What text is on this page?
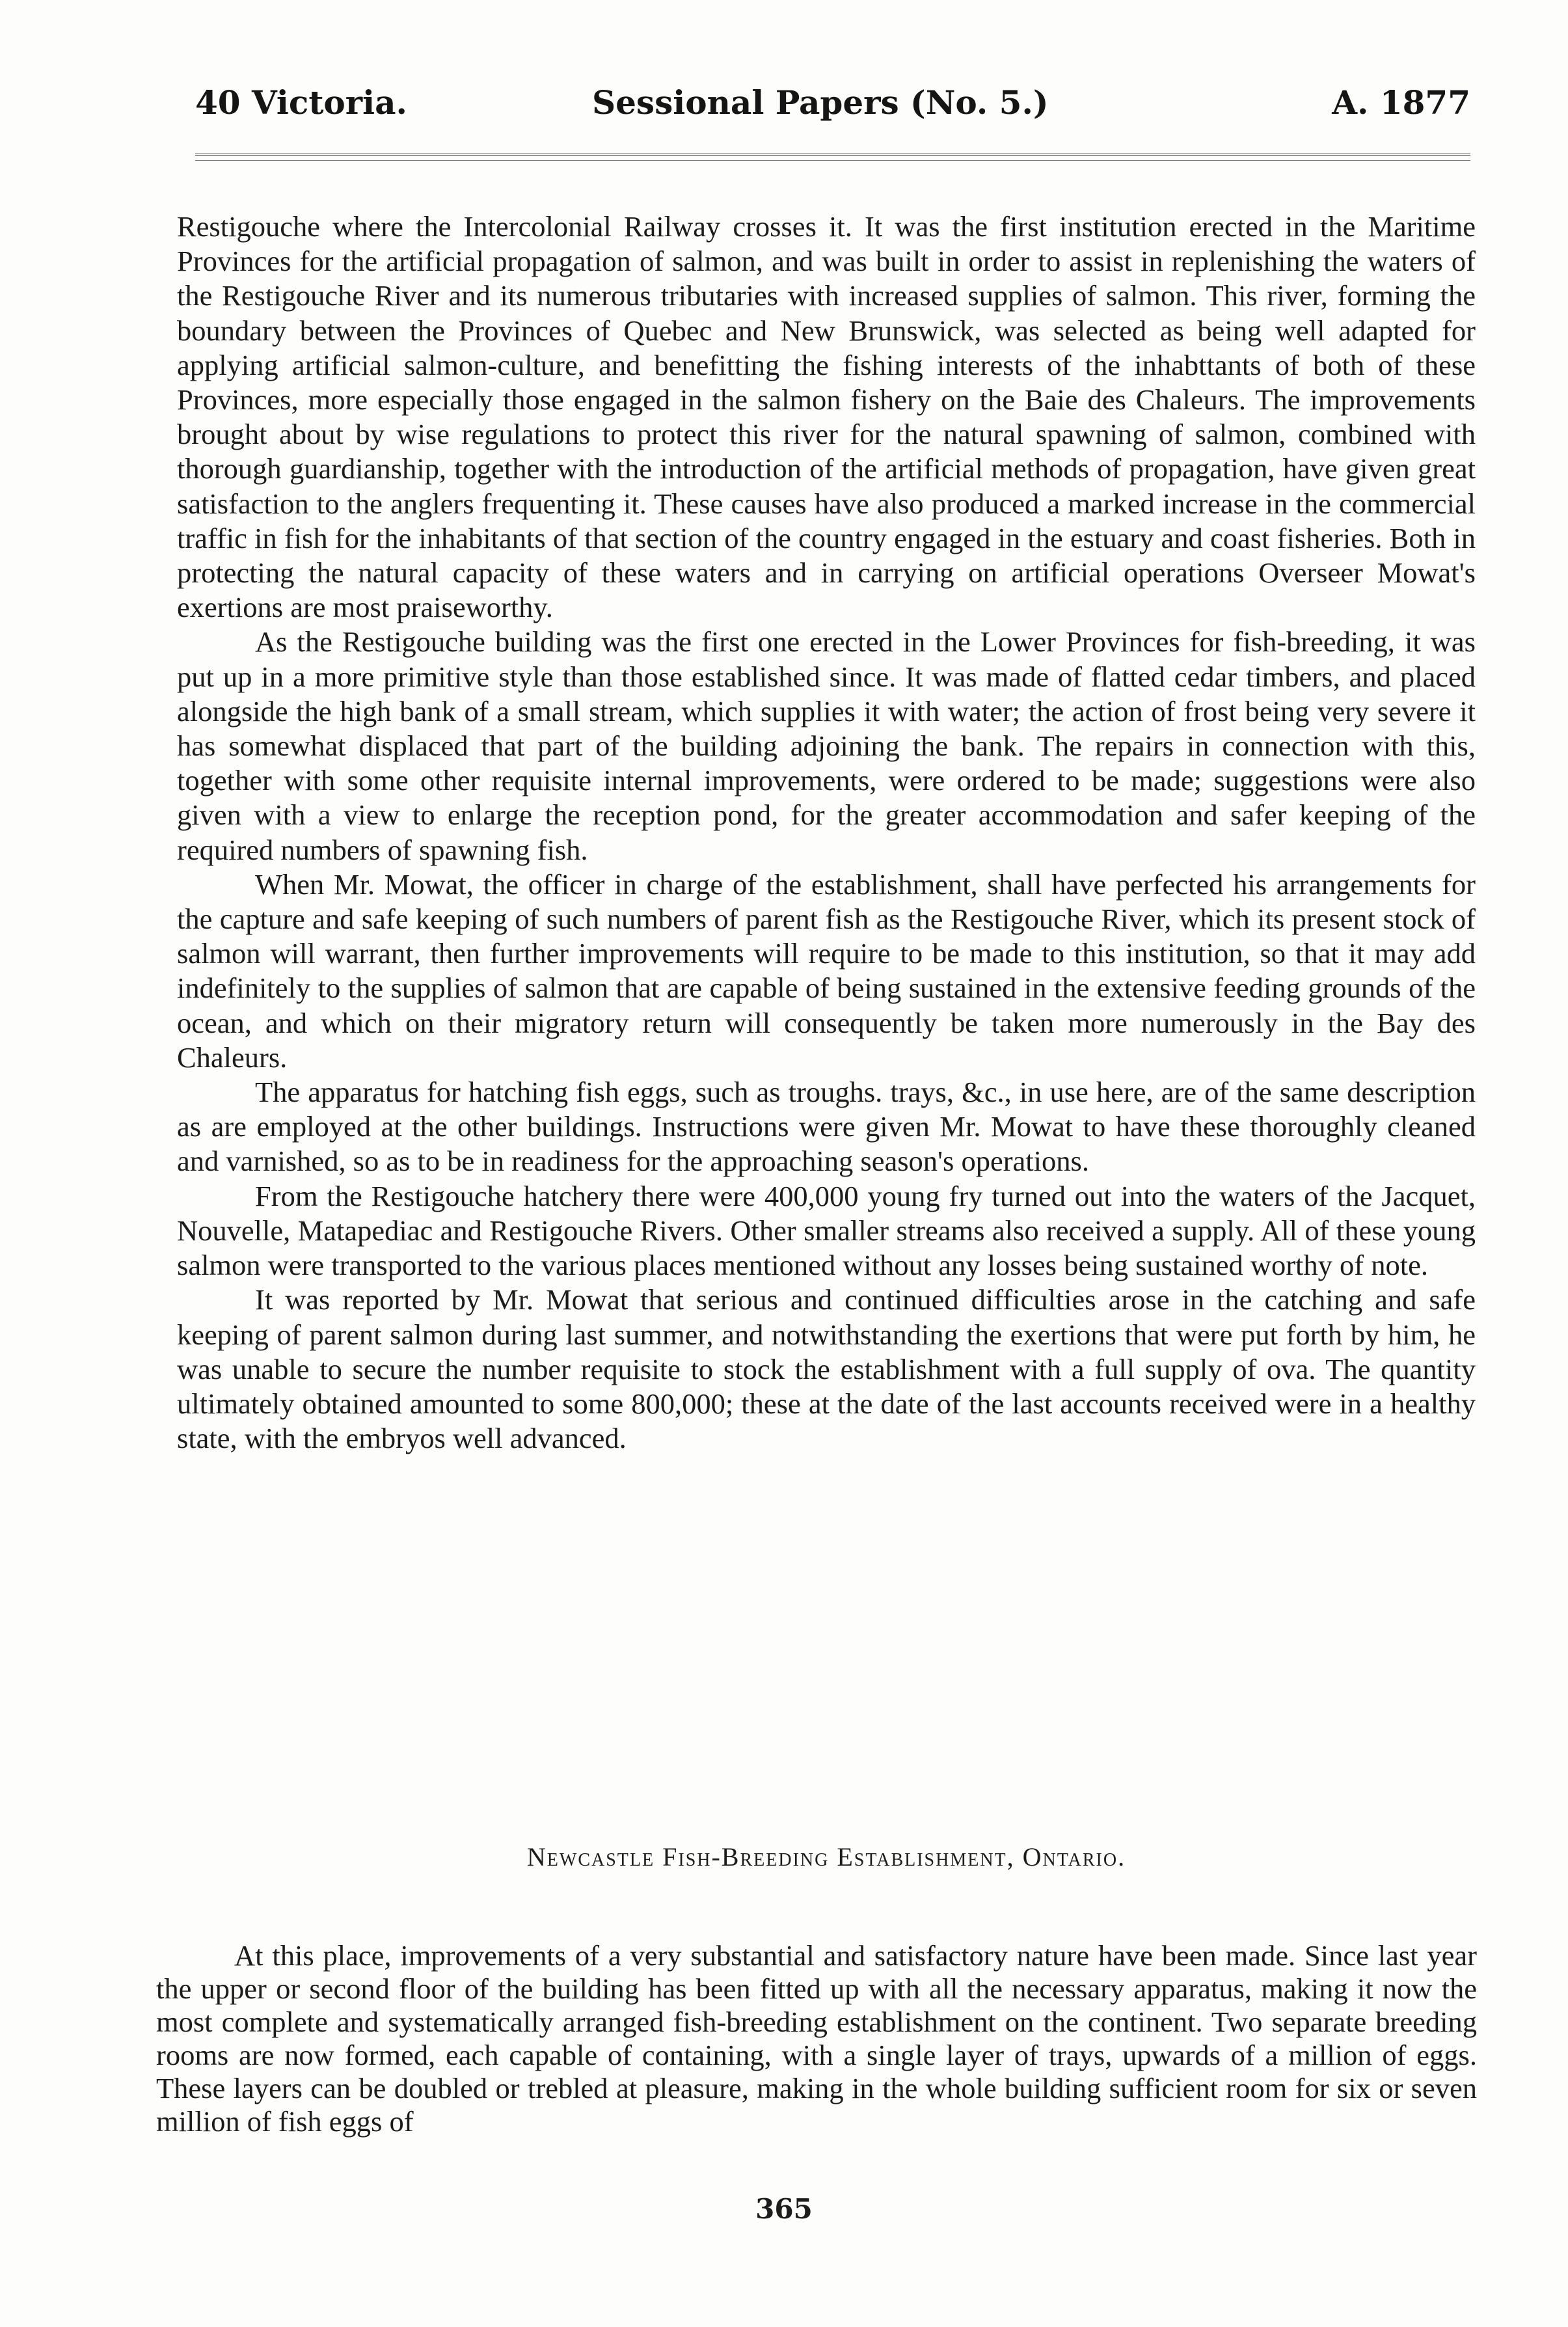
40 Victoria.	Sessional Papers (No. 5.)	A. 1877

Restigouche where the Intercolonial Railway crosses it. It was the first institution erected in the Maritime Provinces for the artificial propagation of salmon, and was built in order to assist in replenishing the waters of the Restigouche River and its numerous tributaries with increased supplies of salmon. This river, forming the boundary between the Provinces of Quebec and New Brunswick, was selected as being well adapted for applying artificial salmon-culture, and benefitting the fishing interests of the inhabttants of both of these Provinces, more especially those engaged in the salmon fishery on the Baie des Chaleurs. The improvements brought about by wise regulations to protect this river for the natural spawning of salmon, combined with thorough guardianship, together with the introduction of the artificial methods of propagation, have given great satisfaction to the anglers frequenting it. These causes have also produced a marked increase in the commercial traffic in fish for the inhabitants of that section of the country engaged in the estuary and coast fisheries. Both in protecting the natural capacity of these waters and in carrying on artificial operations Overseer Mowat's exertions are most praiseworthy.

As the Restigouche building was the first one erected in the Lower Provinces for fish-breeding, it was put up in a more primitive style than those established since. It was made of flatted cedar timbers, and placed alongside the high bank of a small stream, which supplies it with water; the action of frost being very severe it has somewhat displaced that part of the building adjoining the bank. The repairs in connection with this, together with some other requisite internal improvements, were ordered to be made; suggestions were also given with a view to enlarge the reception pond, for the greater accommodation and safer keeping of the required numbers of spawning fish.

When Mr. Mowat, the officer in charge of the establishment, shall have perfected his arrangements for the capture and safe keeping of such numbers of parent fish as the Restigouche River, which its present stock of salmon will warrant, then further improvements will require to be made to this institution, so that it may add indefinitely to the supplies of salmon that are capable of being sustained in the extensive feeding grounds of the ocean, and which on their migratory return will consequently be taken more numerously in the Bay des Chaleurs.

The apparatus for hatching fish eggs, such as troughs. trays, &c., in use here, are of the same description as are employed at the other buildings. Instructions were given Mr. Mowat to have these thoroughly cleaned and varnished, so as to be in readiness for the approaching season's operations.

From the Restigouche hatchery there were 400,000 young fry turned out into the waters of the Jacquet, Nouvelle, Matapediac and Restigouche Rivers. Other smaller streams also received a supply. All of these young salmon were transported to the various places mentioned without any losses being sustained worthy of note.

It was reported by Mr. Mowat that serious and continued difficulties arose in the catching and safe keeping of parent salmon during last summer, and notwithstanding the exertions that were put forth by him, he was unable to secure the number requisite to stock the establishment with a full supply of ova. The quantity ultimately obtained amounted to some 800,000; these at the date of the last accounts received were in a healthy state, with the embryos well advanced.

Newcastle Fish-Breeding Establishment, Ontario.

At this place, improvements of a very substantial and satisfactory nature have been made. Since last year the upper or second floor of the building has been fitted up with all the necessary apparatus, making it now the most complete and systematically arranged fish-breeding establishment on the continent. Two separate breeding rooms are now formed, each capable of containing, with a single layer of trays, upwards of a million of eggs. These layers can be doubled or trebled at pleasure, making in the whole building sufficient room for six or seven million of fish eggs of

365
